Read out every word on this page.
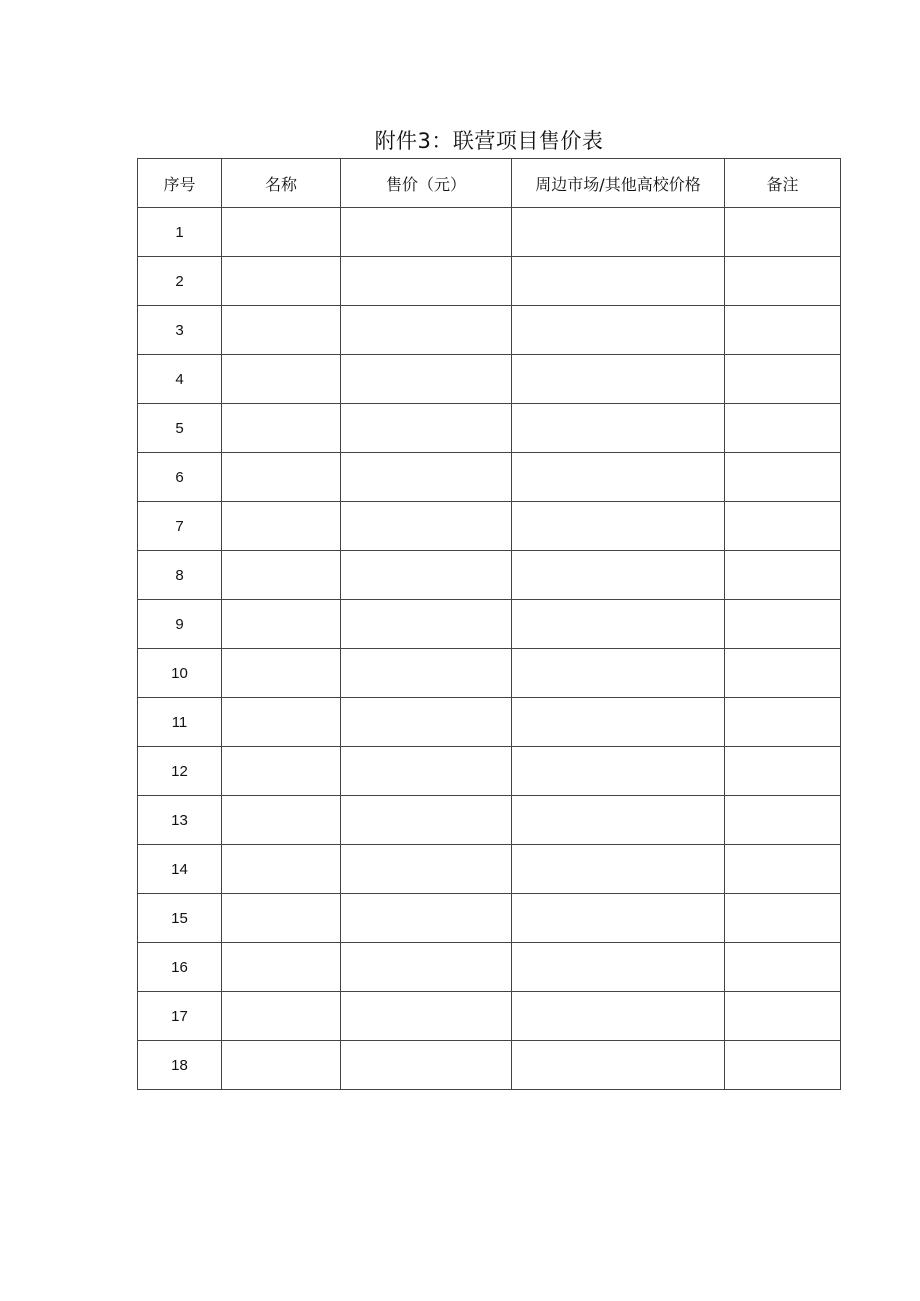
附件3：联营项目售价表
序号	名称	售价（元）	周边市场/其他高校价格	备注
1				
2				
3				
4				
5				
6				
7				
8				
9				
10				
11				
12				
13				
14				
15				
16				
17				
18				
